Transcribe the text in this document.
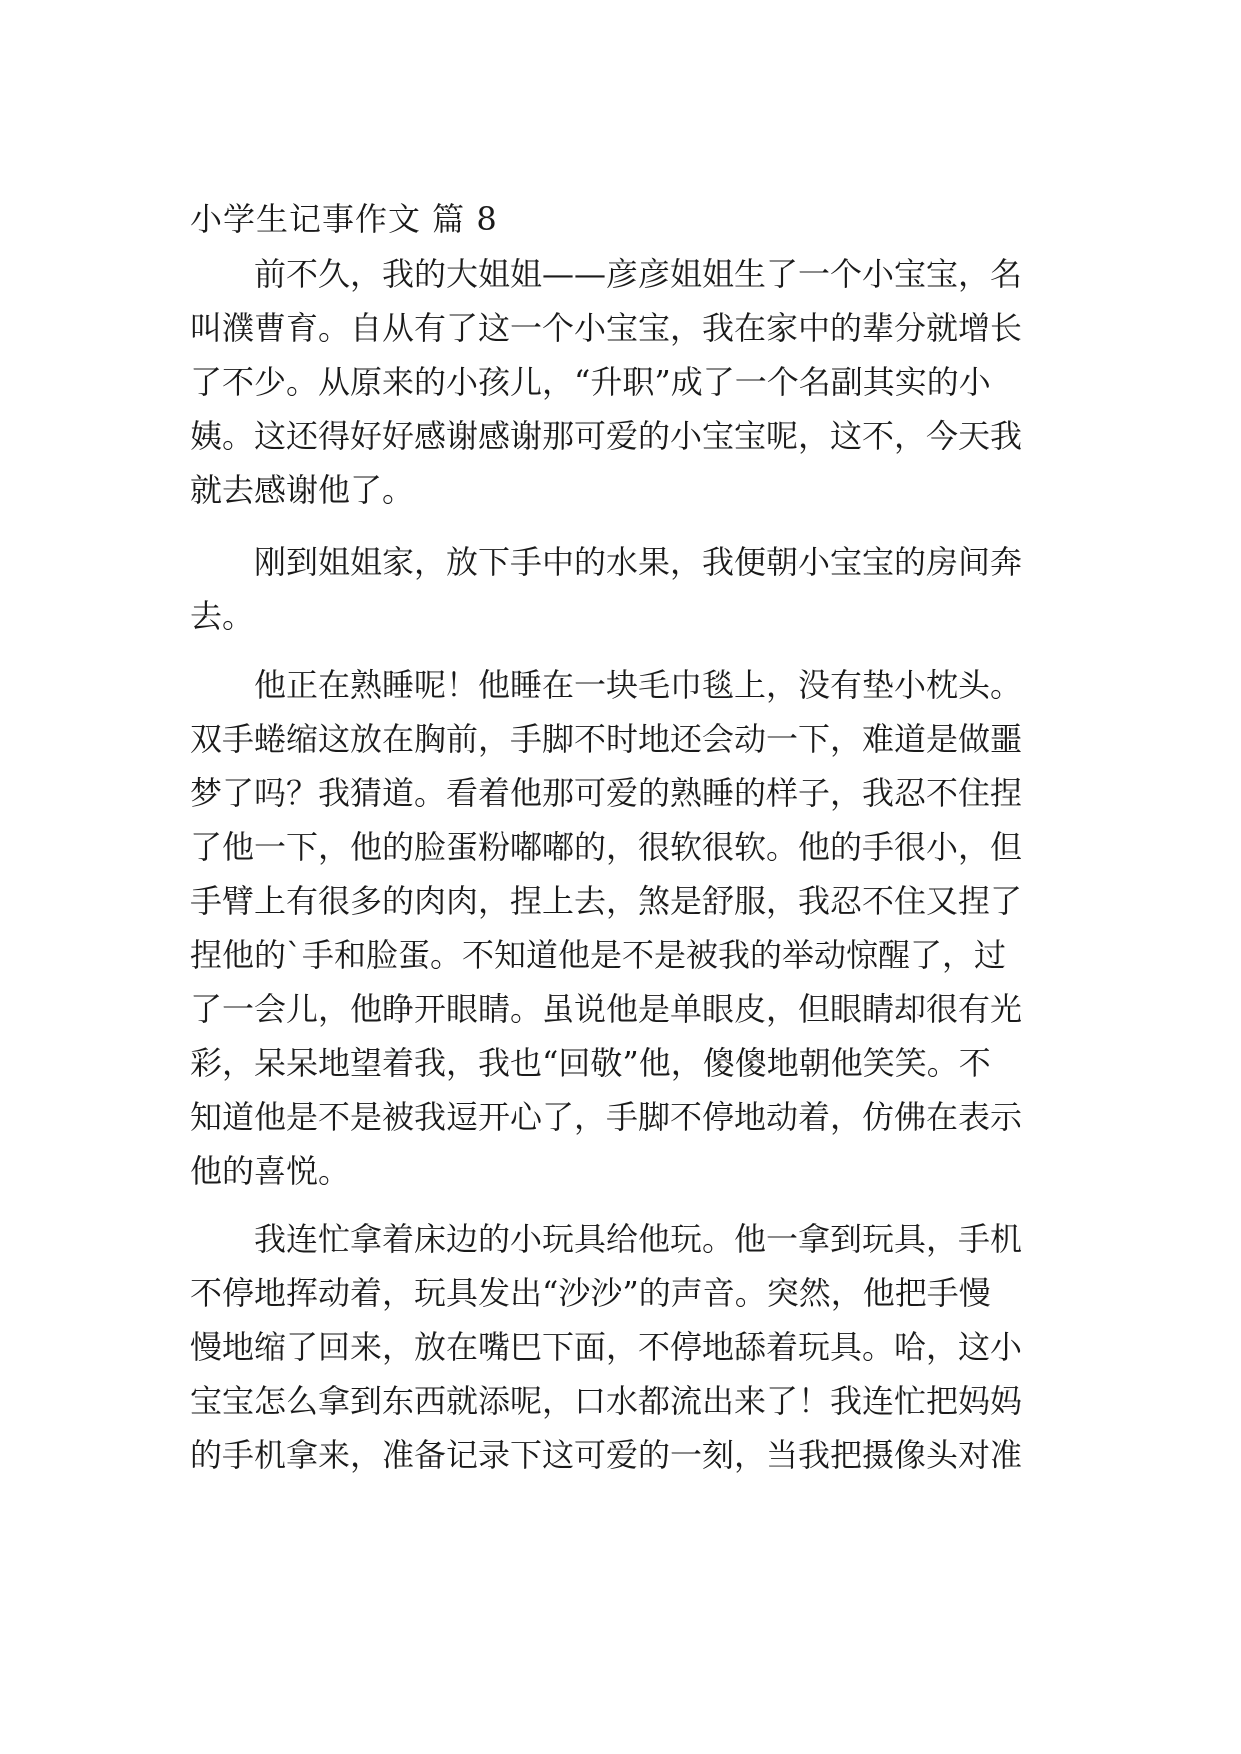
小学生记事作文 篇 8
前不久，我的大姐姐——彦彦姐姐生了一个小宝宝，名
叫濮曹育。自从有了这一个小宝宝，我在家中的辈分就增长
了不少。从原来的小孩儿，“升职”成了一个名副其实的小
姨。这还得好好感谢感谢那可爱的小宝宝呢，这不，今天我
就去感谢他了。
刚到姐姐家，放下手中的水果，我便朝小宝宝的房间奔
去。
他正在熟睡呢！他睡在一块毛巾毯上，没有垫小枕头。
双手蜷缩这放在胸前，手脚不时地还会动一下，难道是做噩
梦了吗？我猜道。看着他那可爱的熟睡的样子，我忍不住捏
了他一下，他的脸蛋粉嘟嘟的，很软很软。他的手很小，但
手臂上有很多的肉肉，捏上去，煞是舒服，我忍不住又捏了
捏他的`手和脸蛋。不知道他是不是被我的举动惊醒了，过
了一会儿，他睁开眼睛。虽说他是单眼皮，但眼睛却很有光
彩，呆呆地望着我，我也“回敬”他，傻傻地朝他笑笑。不
知道他是不是被我逗开心了，手脚不停地动着，仿佛在表示
他的喜悦。
我连忙拿着床边的小玩具给他玩。他一拿到玩具，手机
不停地挥动着，玩具发出“沙沙”的声音。突然，他把手慢
慢地缩了回来，放在嘴巴下面，不停地舔着玩具。哈，这小
宝宝怎么拿到东西就添呢，口水都流出来了！我连忙把妈妈
的手机拿来，准备记录下这可爱的一刻，当我把摄像头对准
